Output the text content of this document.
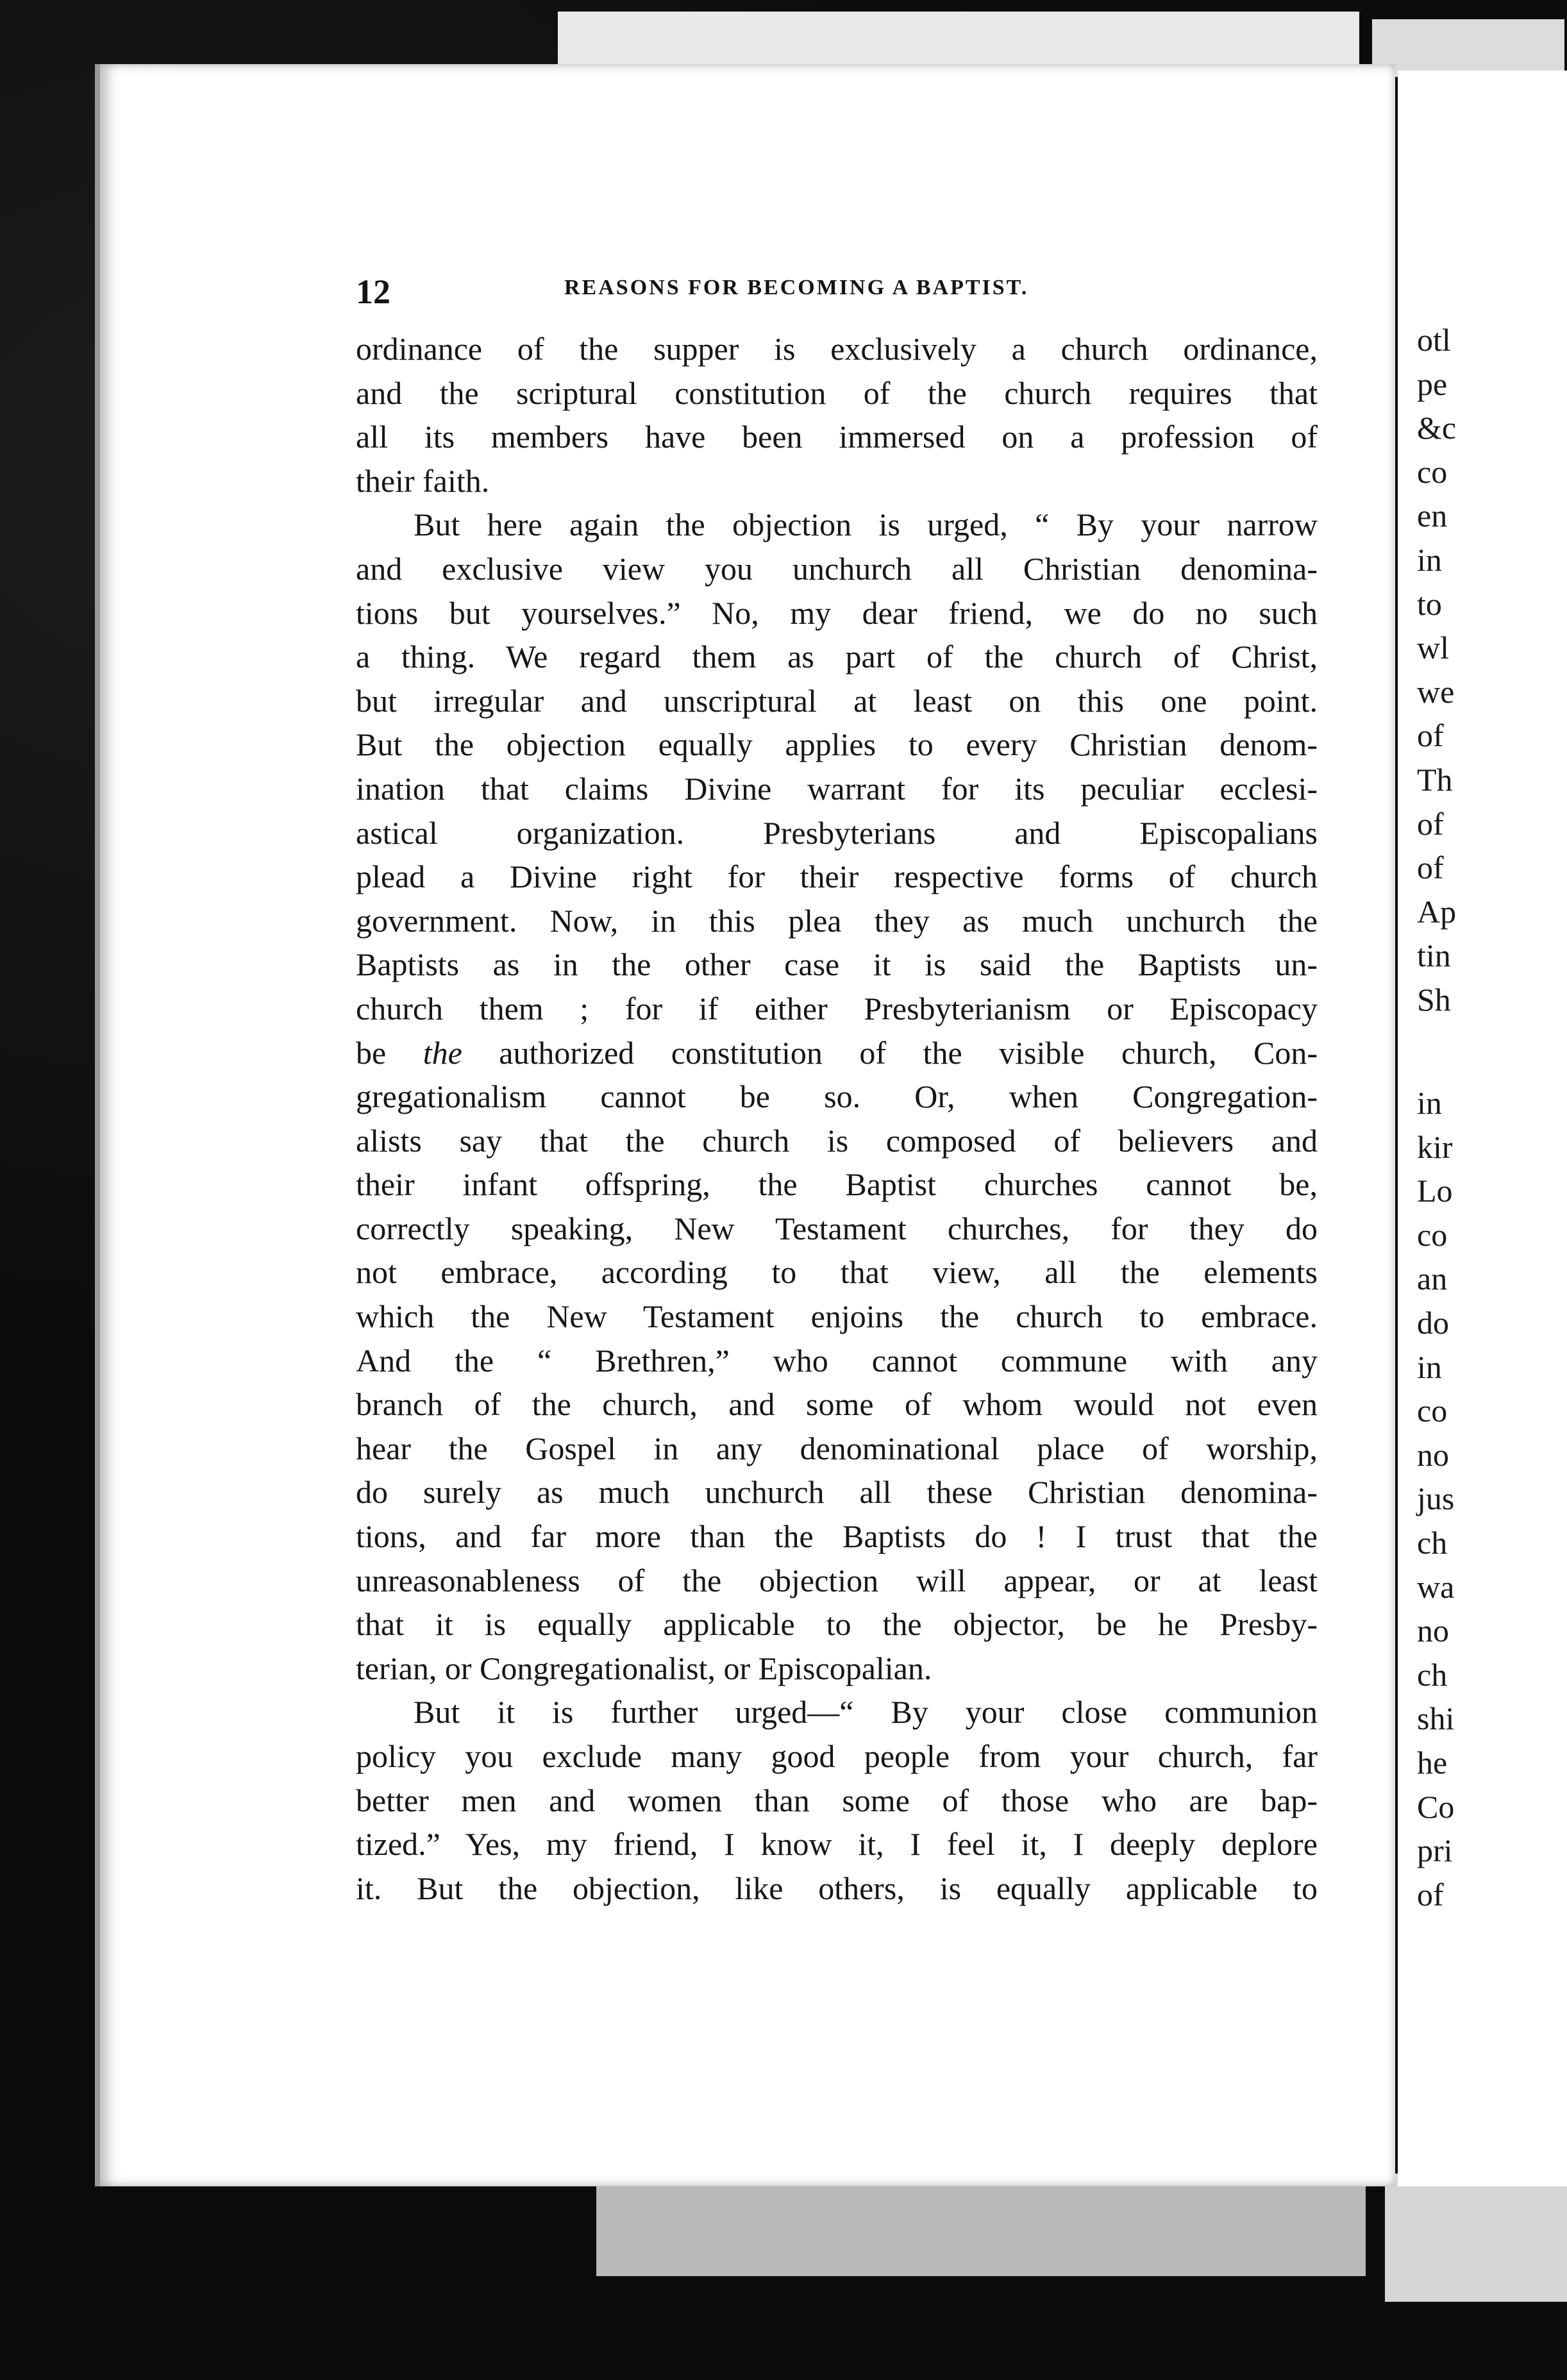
otl
pe
&c
co
en
in
to
wl
we
of
Th
of
of
Ap
tin
Sh
in
kir
Lo
co
an
do
in
co
no
jus
ch
wa
no
ch
shi
he
Co
pri
of
12	REASONS FOR BECOMING A BAPTIST.
ordinance of the supper is exclusively a church ordinance,
and the scriptural constitution of the church requires that
all its members have been immersed on a profession of
their faith.
But here again the objection is urged, “ By your narrow
and exclusive view you unchurch all Christian denomina-
tions but yourselves.” No, my dear friend, we do no such
a thing. We regard them as part of the church of Christ,
but irregular and unscriptural at least on this one point.
But the objection equally applies to every Christian denom-
ination that claims Divine warrant for its peculiar ecclesi-
astical organization. Presbyterians and Episcopalians
plead a Divine right for their respective forms of church
government. Now, in this plea they as much unchurch the
Baptists as in the other case it is said the Baptists un-
church them ; for if either Presbyterianism or Episcopacy
be the authorized constitution of the visible church, Con-
gregationalism cannot be so. Or, when Congregation-
alists say that the church is composed of believers and
their infant offspring, the Baptist churches cannot be,
correctly speaking, New Testament churches, for they do
not embrace, according to that view, all the elements
which the New Testament enjoins the church to embrace.
And the “ Brethren,” who cannot commune with any
branch of the church, and some of whom would not even
hear the Gospel in any denominational place of worship,
do surely as much unchurch all these Christian denomina-
tions, and far more than the Baptists do ! I trust that the
unreasonableness of the objection will appear, or at least
that it is equally applicable to the objector, be he Presby-
terian, or Congregationalist, or Episcopalian.
But it is further urged—“ By your close communion
policy you exclude many good people from your church, far
better men and women than some of those who are bap-
tized.” Yes, my friend, I know it, I feel it, I deeply deplore
it. But the objection, like others, is equally applicable to
